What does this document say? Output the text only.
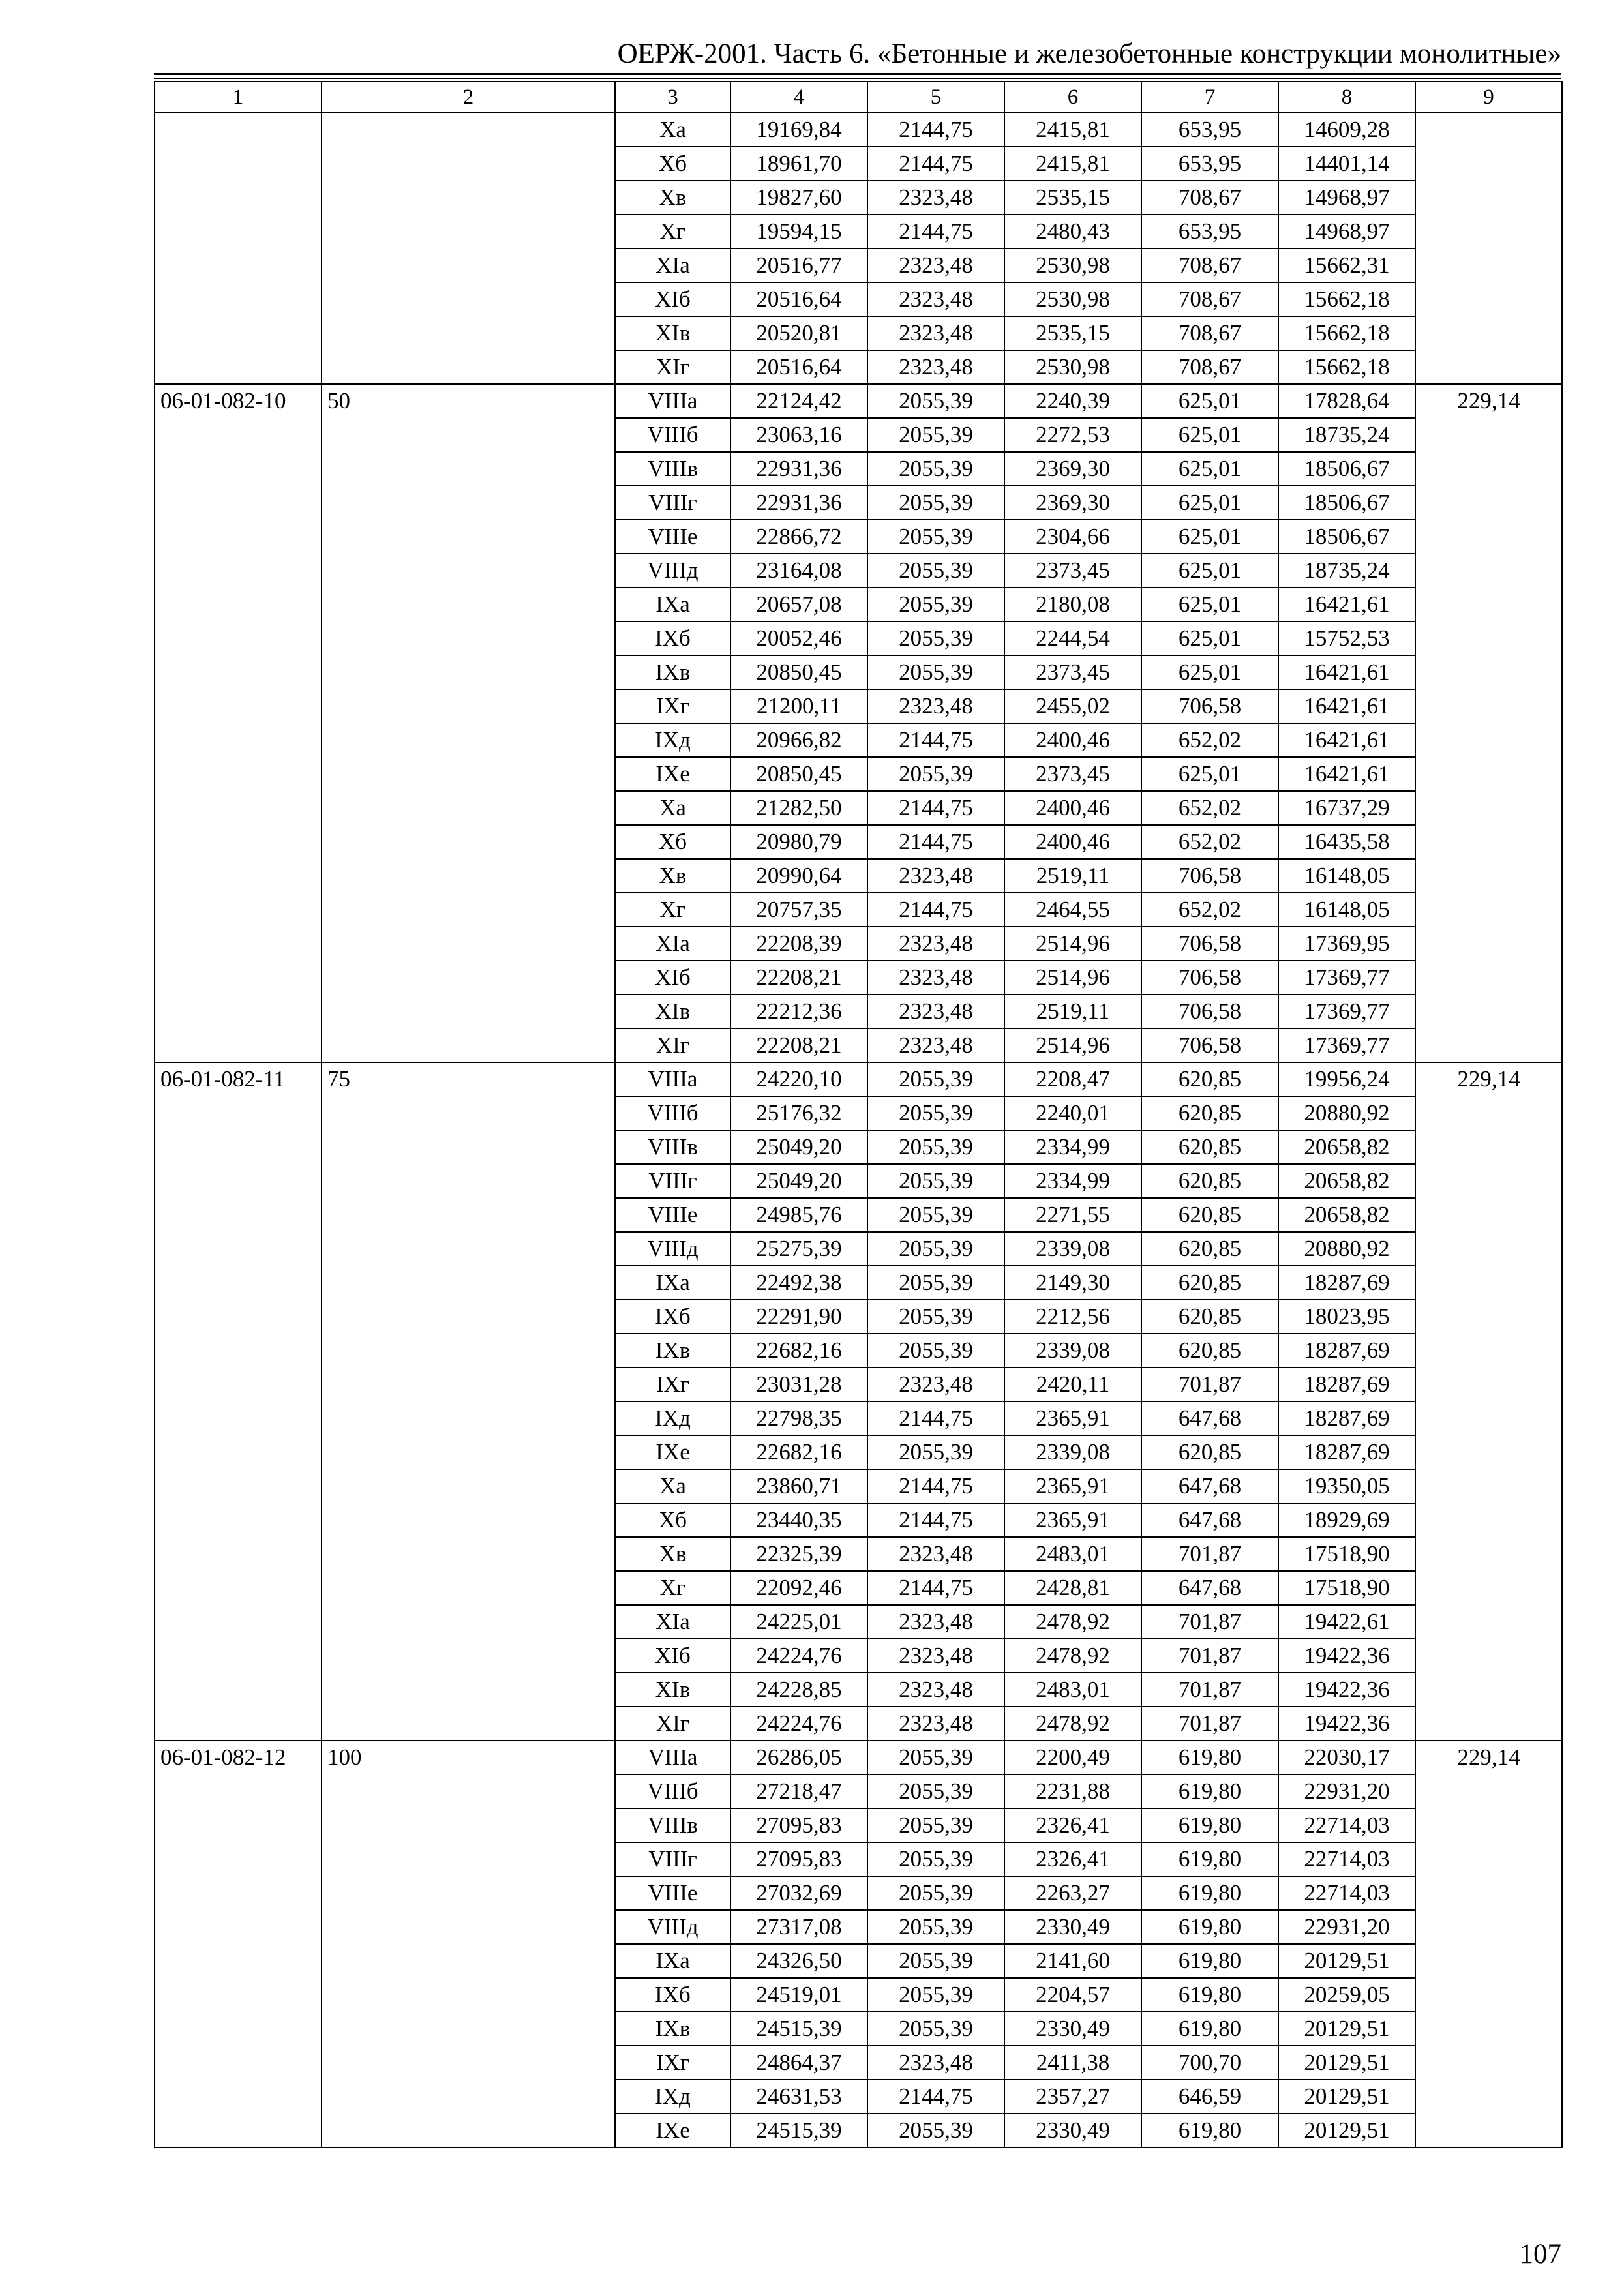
ОЕРЖ-2001. Часть 6. «Бетонные и железобетонные конструкции монолитные»
1	2	3	4	5	6	7	8	9
		Xa	19169,84	2144,75	2415,81	653,95	14609,28	
		Xб	18961,70	2144,75	2415,81	653,95	14401,14	
		Xв	19827,60	2323,48	2535,15	708,67	14968,97	
		Xг	19594,15	2144,75	2480,43	653,95	14968,97	
		XIa	20516,77	2323,48	2530,98	708,67	15662,31	
		XIб	20516,64	2323,48	2530,98	708,67	15662,18	
		XIв	20520,81	2323,48	2535,15	708,67	15662,18	
		XIг	20516,64	2323,48	2530,98	708,67	15662,18	
06-01-082-10	50	VIIIa	22124,42	2055,39	2240,39	625,01	17828,64	229,14
		VIIIб	23063,16	2055,39	2272,53	625,01	18735,24	
		VIIIв	22931,36	2055,39	2369,30	625,01	18506,67	
		VIIIг	22931,36	2055,39	2369,30	625,01	18506,67	
		VIIIe	22866,72	2055,39	2304,66	625,01	18506,67	
		VIIIд	23164,08	2055,39	2373,45	625,01	18735,24	
		IXa	20657,08	2055,39	2180,08	625,01	16421,61	
		IXб	20052,46	2055,39	2244,54	625,01	15752,53	
		IXв	20850,45	2055,39	2373,45	625,01	16421,61	
		IXг	21200,11	2323,48	2455,02	706,58	16421,61	
		IXд	20966,82	2144,75	2400,46	652,02	16421,61	
		IXe	20850,45	2055,39	2373,45	625,01	16421,61	
		Xa	21282,50	2144,75	2400,46	652,02	16737,29	
		Xб	20980,79	2144,75	2400,46	652,02	16435,58	
		Xв	20990,64	2323,48	2519,11	706,58	16148,05	
		Xг	20757,35	2144,75	2464,55	652,02	16148,05	
		XIa	22208,39	2323,48	2514,96	706,58	17369,95	
		XIб	22208,21	2323,48	2514,96	706,58	17369,77	
		XIв	22212,36	2323,48	2519,11	706,58	17369,77	
		XIг	22208,21	2323,48	2514,96	706,58	17369,77	
06-01-082-11	75	VIIIa	24220,10	2055,39	2208,47	620,85	19956,24	229,14
		VIIIб	25176,32	2055,39	2240,01	620,85	20880,92	
		VIIIв	25049,20	2055,39	2334,99	620,85	20658,82	
		VIIIг	25049,20	2055,39	2334,99	620,85	20658,82	
		VIIIe	24985,76	2055,39	2271,55	620,85	20658,82	
		VIIIд	25275,39	2055,39	2339,08	620,85	20880,92	
		IXa	22492,38	2055,39	2149,30	620,85	18287,69	
		IXб	22291,90	2055,39	2212,56	620,85	18023,95	
		IXв	22682,16	2055,39	2339,08	620,85	18287,69	
		IXг	23031,28	2323,48	2420,11	701,87	18287,69	
		IXд	22798,35	2144,75	2365,91	647,68	18287,69	
		IXe	22682,16	2055,39	2339,08	620,85	18287,69	
		Xa	23860,71	2144,75	2365,91	647,68	19350,05	
		Xб	23440,35	2144,75	2365,91	647,68	18929,69	
		Xв	22325,39	2323,48	2483,01	701,87	17518,90	
		Xг	22092,46	2144,75	2428,81	647,68	17518,90	
		XIa	24225,01	2323,48	2478,92	701,87	19422,61	
		XIб	24224,76	2323,48	2478,92	701,87	19422,36	
		XIв	24228,85	2323,48	2483,01	701,87	19422,36	
		XIг	24224,76	2323,48	2478,92	701,87	19422,36	
06-01-082-12	100	VIIIa	26286,05	2055,39	2200,49	619,80	22030,17	229,14
		VIIIб	27218,47	2055,39	2231,88	619,80	22931,20	
		VIIIв	27095,83	2055,39	2326,41	619,80	22714,03	
		VIIIг	27095,83	2055,39	2326,41	619,80	22714,03	
		VIIIe	27032,69	2055,39	2263,27	619,80	22714,03	
		VIIIд	27317,08	2055,39	2330,49	619,80	22931,20	
		IXa	24326,50	2055,39	2141,60	619,80	20129,51	
		IXб	24519,01	2055,39	2204,57	619,80	20259,05	
		IXв	24515,39	2055,39	2330,49	619,80	20129,51	
		IXг	24864,37	2323,48	2411,38	700,70	20129,51	
		IXд	24631,53	2144,75	2357,27	646,59	20129,51	
		IXe	24515,39	2055,39	2330,49	619,80	20129,51	
107
